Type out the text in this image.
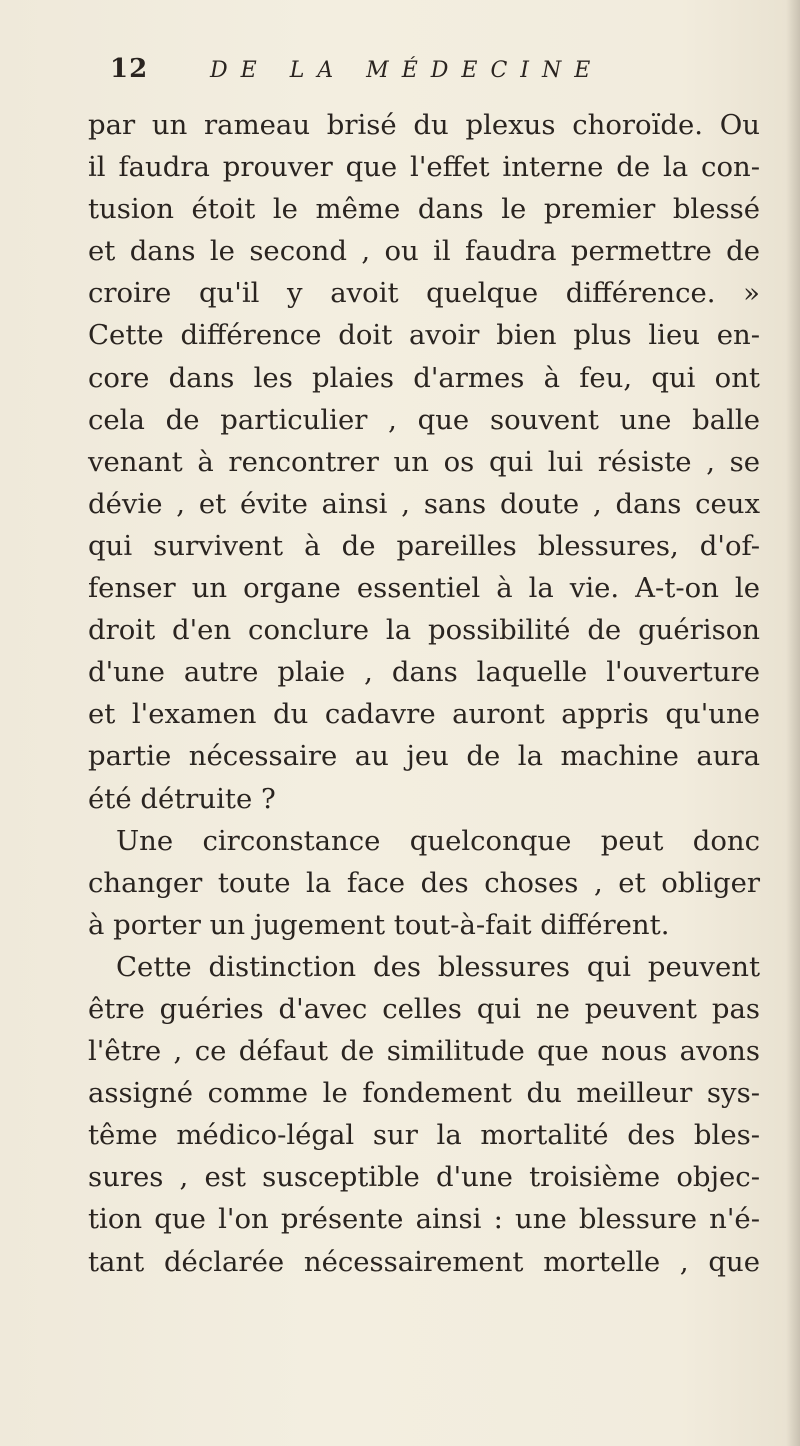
12	DE LA MÉDECINE
par un rameau brisé du plexus choroïde. Ou
il faudra prouver que l'effet interne de la con-
tusion étoit le même dans le premier blessé
et dans le second , ou il faudra permettre de
croire qu'il y avoit quelque différence. »
Cette différence doit avoir bien plus lieu en-
core dans les plaies d'armes à feu, qui ont
cela de particulier , que souvent une balle
venant à rencontrer un os qui lui résiste , se
dévie , et évite ainsi , sans doute , dans ceux
qui survivent à de pareilles blessures, d'of-
fenser un organe essentiel à la vie. A-t-on le
droit d'en conclure la possibilité de guérison
d'une autre plaie , dans laquelle l'ouverture
et l'examen du cadavre auront appris qu'une
partie nécessaire au jeu de la machine aura
été détruite ?
Une circonstance quelconque peut donc
changer toute la face des choses , et obliger
à porter un jugement tout-à-fait différent.
Cette distinction des blessures qui peuvent
être guéries d'avec celles qui ne peuvent pas
l'être , ce défaut de similitude que nous avons
assigné comme le fondement du meilleur sys-
tême médico-légal sur la mortalité des bles-
sures , est susceptible d'une troisième objec-
tion que l'on présente ainsi : une blessure n'é-
tant déclarée nécessairement mortelle , que
